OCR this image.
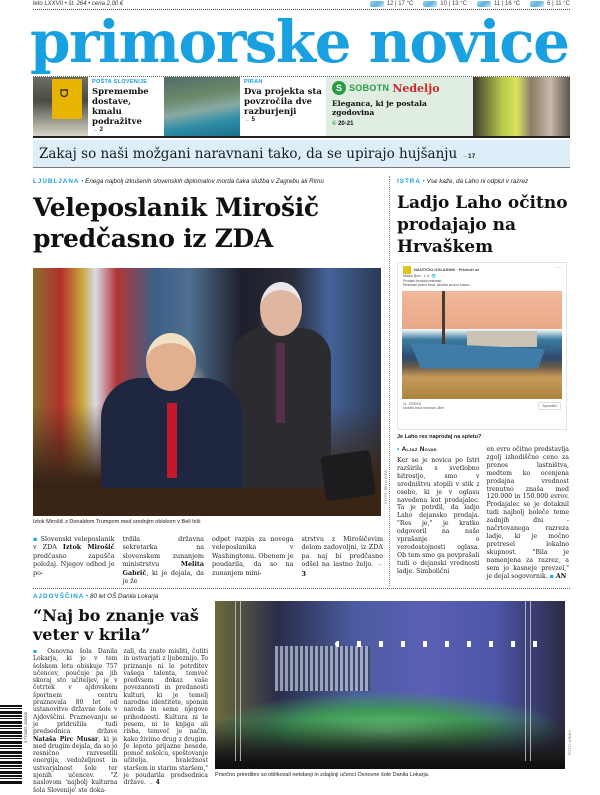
leto LXXVII • št. 264 • cena 2,00 €	12 | 17 °C	10 | 13 °C	11 | 16 °C	6 | 11 °C
primorske novice
ᗜ
POŠTA SLOVENIJE
Spremembe dostave, kmalu podražitve
→ 2
PIRAN
Dva projekta sta povzročila dve razburjenji
→ 5
S SOBOTN Nedeljo
Eleganca, ki je postala zgodovina
© 20-21
Zakaj so naši možgani naravnani tako, da se upirajo hujšanju →17
LJUBLJANA • Enega najbolj izkušenih slovenskih diplomatov morda čaka služba v Zagrebu ali Rimu	ISTRA • Vse kaže, da Laho ni odplul v razrez
Veleposlanik Mirošič predčasno iz ZDA
FOTO: BELA HIŠA
Iztok Mirošič z Donaldom Trumpom med srednjim obiskom v Beli hiši

▪ Slovenski veleposlanik v ZDA Iztok Mirošič predčasno zapušča položaj. Njegov odhod je po-

trdila državna sekretarka na slovenskem zunanjem ministrstvu Melita Gabrič, ki je dejala, da je že

odpet razpis za novega veleposlanika v Washingtonu. Obenem je poudarila, da so na zunanjem mini-

strstvu z Mirošičevim delom zadovoljni, iz ZDA pa naj bi predčasno odšel na lastno željo. → 3

Ladjo Laho očitno prodajajo na Hrvaškem
···
NAUTIČKI OGLASNIK · Pridruži se
Marko Novi · 1 d · 🌐
Prodam brodski restoran.
Restoran pravo brod, izložba sa svu hranu...
11. CROSS
Mobilni brod restoran Jilen
Sporočilo
Je Laho res naprodaj na spletu?
▪ Aljaž Novak

Ker se je novica po Istri razširila s svetlobno hitrostjo, smo v uredništvu stopili v stik z osebo, ki je v oglasu navedena kot prodajalec. Ta je potrdil, da ladjo Laho dejansko prodaja. "Res je," je kratko odgovoril na naše vprašanje o verodostojnosti oglasa. Ob tem smo ga povprašali tudi o dejanski vrednosti ladje. Simbolični

en evro očitno predstavlja zgolj izhodiščno ceno za prenos lastništva, medtem ko ocenjena prodajna vrednost trenutno znaša med 120.000 in 150.000 evrov. Prodajalec se je dotaknil tudi najbolj boleče teme zadnjih dni - načrtovanega razreza ladje, ki je močno pretresel lokalno skupnost. "Bila je namenjena za razrez, a sem jo kasneje prevzel," je dejal sogovornik. ▪ AN

AJDOVŠČINA • 80 let OŠ Danila Lokarja
“Naj bo znanje vaš veter v krila”

▪ Osnovna šola Danila Lokarja, ki jo v tem šolskem letu obiskuje 757 učencev, poučuje pa jih skoraj sto učiteljev, je v četrtek v ajdovskem športnem centru praznovala 80 let od ustanovitve državne šole v Ajdovščini. Praznovanju se je pridružila tudi predsednica države Nataša Pirc Musar, ki je med drugim dejala, da so jo resnično razveselili energija, vedoželjnost in ustvarjalnost šole ter njenih učencev. "Z naslovom 'najbolj kulturna šola Slovenije' ste doka-

zali, da znate misliti, čutiti in ustvarjati z ljubeznijo. To priznanje ni le potrditev vašega talenta, temveč predvsem dokaz vaše povezanosti in predanosti kulturi, ki je temelj narodne identitete, spomin naroda in seme njegove prihodnosti. Kultura ni le pesem, ni le knjiga ali risba, temveč je način, kako živimo drug z drugim. Je lepota prijazne besede, pomoč sošolcu, spoštovanje učitelja, hvaležnost staršem in starim staršem," je poudarila predsednica države. → 4

FOTO: ARHIV
Prisrčno prireditev so oblikovali nekdanji in zdajšnji učenci Osnovne šole Danila Lokarja.
9 770352 426005
